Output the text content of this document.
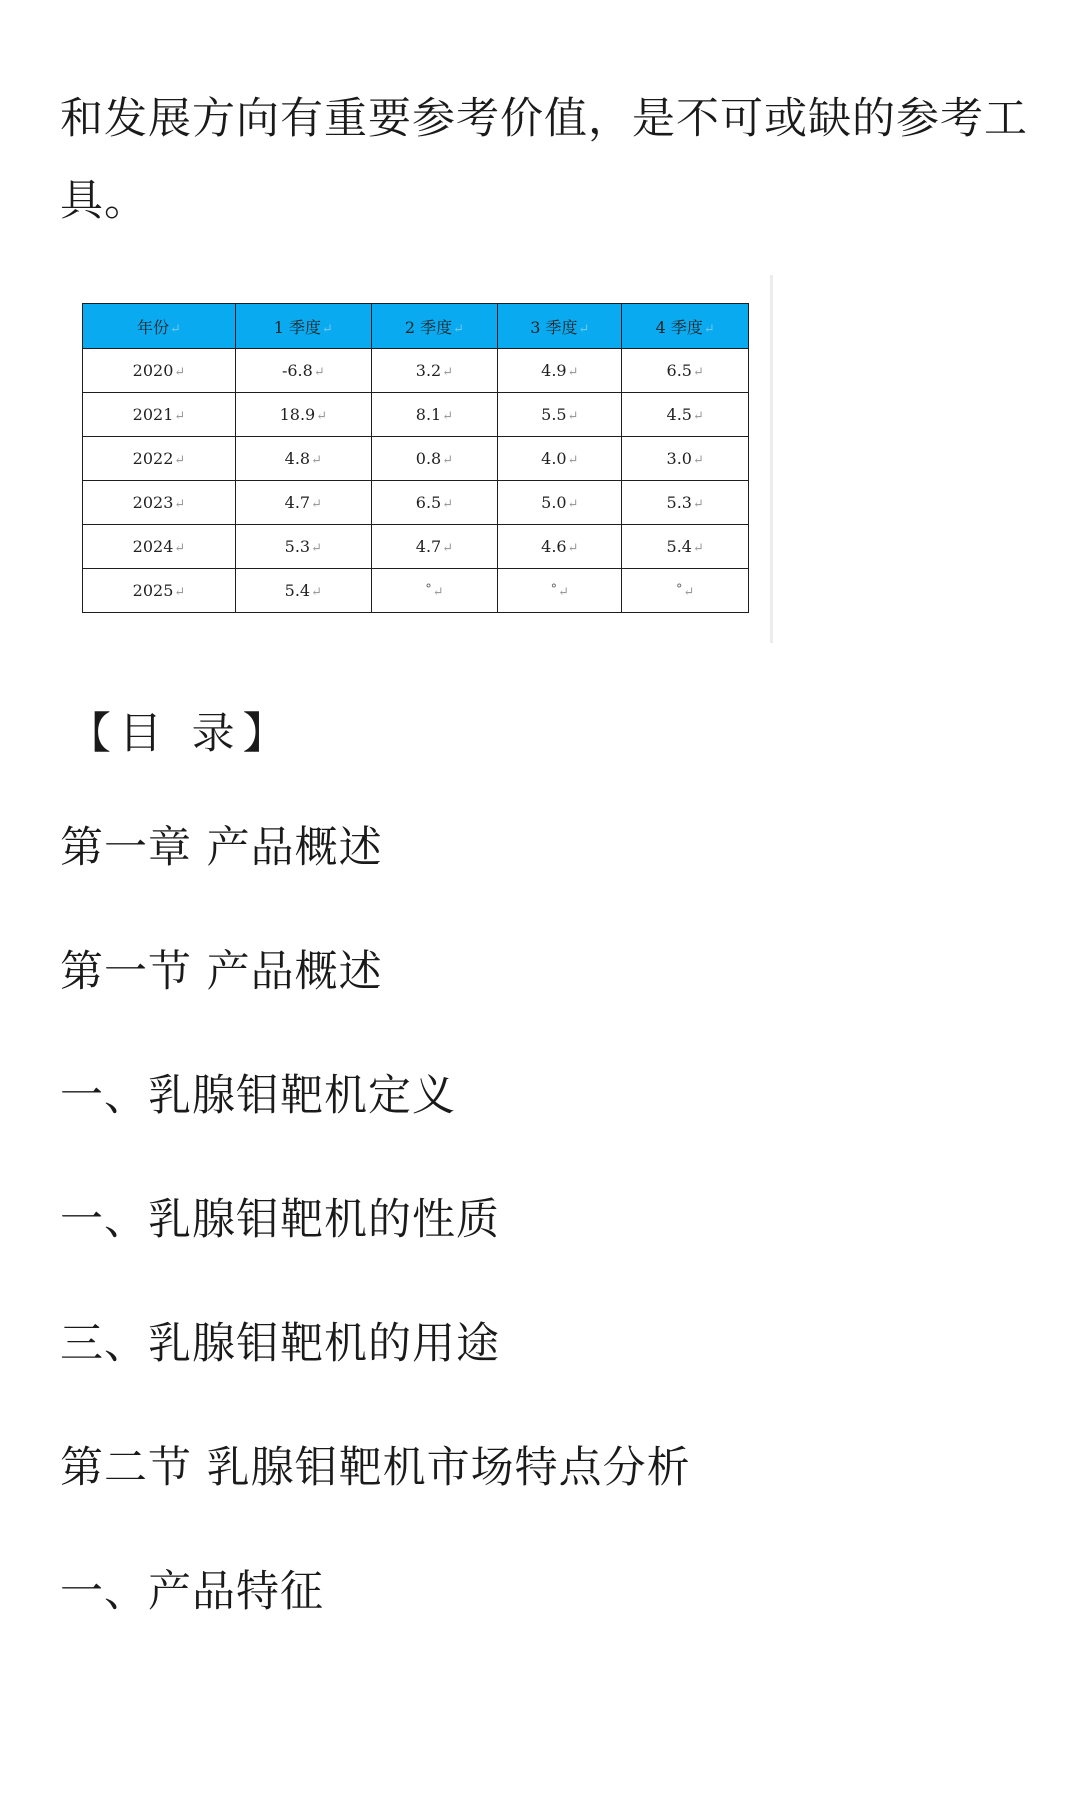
和发展方向有重要参考价值，是不可或缺的参考工
具。
年份↵	1 季度↵	2 季度↵	3 季度↵	4 季度↵
2020↵	-6.8↵	3.2↵	4.9↵	6.5↵
2021↵	18.9↵	8.1↵	5.5↵	4.5↵
2022↵	4.8↵	0.8↵	4.0↵	3.0↵
2023↵	4.7↵	6.5↵	5.0↵	5.3↵
2024↵	5.3↵	4.7↵	4.6↵	5.4↵
2025↵	5.4↵	°↵	°↵	°↵
【目 录】
第一章 产品概述
第一节 产品概述
一、乳腺钼靶机定义
一、乳腺钼靶机的性质
三、乳腺钼靶机的用途
第二节 乳腺钼靶机市场特点分析
一、产品特征
